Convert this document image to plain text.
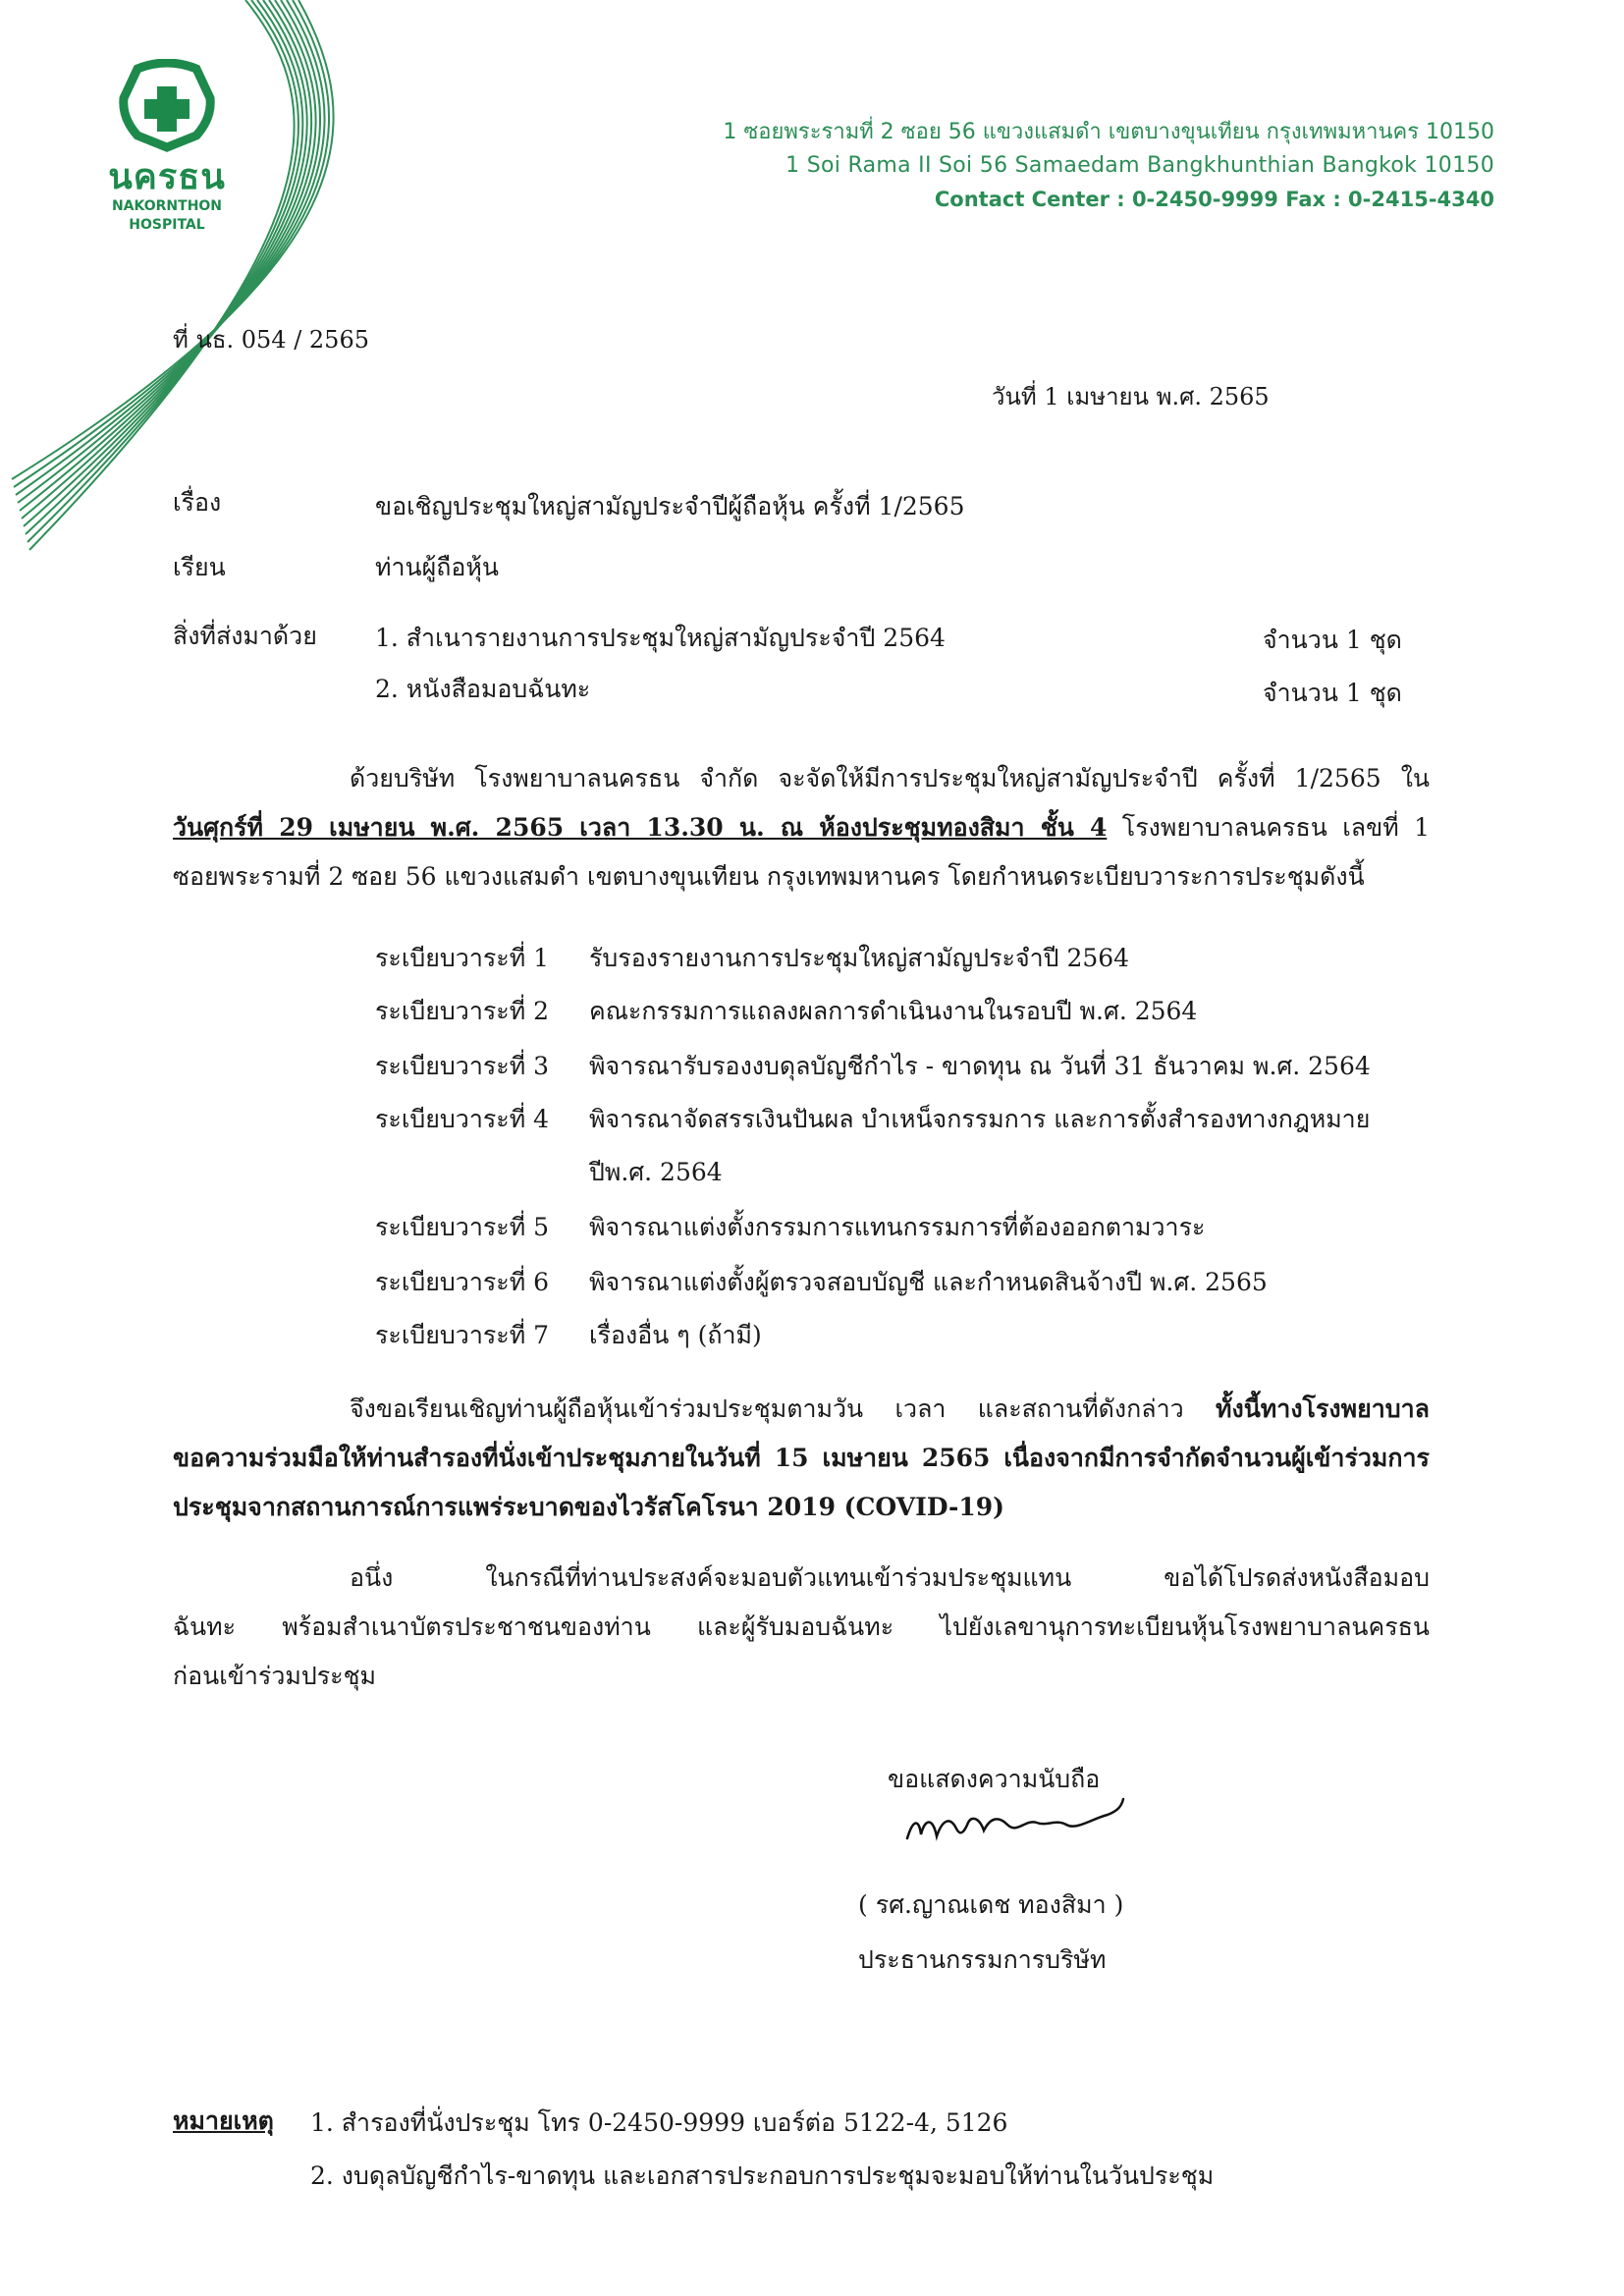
นครธน
NAKORNTHON
HOSPITAL
1 ซอยพระรามที่ 2 ซอย 56 แขวงแสมดำ เขตบางขุนเทียน กรุงเทพมหานคร 10150
1 Soi Rama II Soi 56 Samaedam Bangkhunthian Bangkok 10150
Contact Center : 0-2450-9999 Fax : 0-2415-4340
ที่ นธ. 054 / 2565
วันที่ 1 เมษายน พ.ศ. 2565
เรื่อง	ขอเชิญประชุมใหญ่สามัญประจำปีผู้ถือหุ้น ครั้งที่ 1/2565
เรียน	ท่านผู้ถือหุ้น
สิ่งที่ส่งมาด้วย 1. สำเนารายงานการประชุมใหญ่สามัญประจำปี 2564	จำนวน 1 ชุด
2. หนังสือมอบฉันทะ	จำนวน 1 ชุด
ด้วยบริษัท โรงพยาบาลนครธน จำกัด จะจัดให้มีการประชุมใหญ่สามัญประจำปี ครั้งที่ 1/2565 ใน
วันศุกร์ที่ 29 เมษายน พ.ศ. 2565 เวลา 13.30 น. ณ ห้องประชุมทองสิมา ชั้น 4 โรงพยาบาลนครธน เลขที่ 1
ซอยพระรามที่ 2 ซอย 56 แขวงแสมดำ เขตบางขุนเทียน กรุงเทพมหานคร โดยกำหนดระเบียบวาระการประชุมดังนี้
ระเบียบวาระที่ 1 รับรองรายงานการประชุมใหญ่สามัญประจำปี 2564
ระเบียบวาระที่ 2 คณะกรรมการแถลงผลการดำเนินงานในรอบปี พ.ศ. 2564
ระเบียบวาระที่ 3 พิจารณารับรองงบดุลบัญชีกำไร - ขาดทุน ณ วันที่ 31 ธันวาคม พ.ศ. 2564
ระเบียบวาระที่ 4 พิจารณาจัดสรรเงินปันผล บำเหน็จกรรมการ และการตั้งสำรองทางกฎหมาย
ปีพ.ศ. 2564
ระเบียบวาระที่ 5 พิจารณาแต่งตั้งกรรมการแทนกรรมการที่ต้องออกตามวาระ
ระเบียบวาระที่ 6 พิจารณาแต่งตั้งผู้ตรวจสอบบัญชี และกำหนดสินจ้างปี พ.ศ. 2565
ระเบียบวาระที่ 7 เรื่องอื่น ๆ (ถ้ามี)
จึงขอเรียนเชิญท่านผู้ถือหุ้นเข้าร่วมประชุมตามวัน เวลา และสถานที่ดังกล่าว ทั้งนี้ทางโรงพยาบาล
ขอความร่วมมือให้ท่านสำรองที่นั่งเข้าประชุมภายในวันที่ 15 เมษายน 2565 เนื่องจากมีการจำกัดจำนวนผู้เข้าร่วมการ
ประชุมจากสถานการณ์การแพร่ระบาดของไวรัสโคโรนา 2019 (COVID-19)
อนึ่ง ในกรณีที่ท่านประสงค์จะมอบตัวแทนเข้าร่วมประชุมแทน ขอได้โปรดส่งหนังสือมอบ
ฉันทะ พร้อมสำเนาบัตรประชาชนของท่าน และผู้รับมอบฉันทะ ไปยังเลขานุการทะเบียนหุ้นโรงพยาบาลนครธน
ก่อนเข้าร่วมประชุม
ขอแสดงความนับถือ
( รศ.ญาณเดช ทองสิมา )
ประธานกรรมการบริษัท
หมายเหตุ 1. สำรองที่นั่งประชุม โทร 0-2450-9999 เบอร์ต่อ 5122-4, 5126
2. งบดุลบัญชีกำไร-ขาดทุน และเอกสารประกอบการประชุมจะมอบให้ท่านในวันประชุม
